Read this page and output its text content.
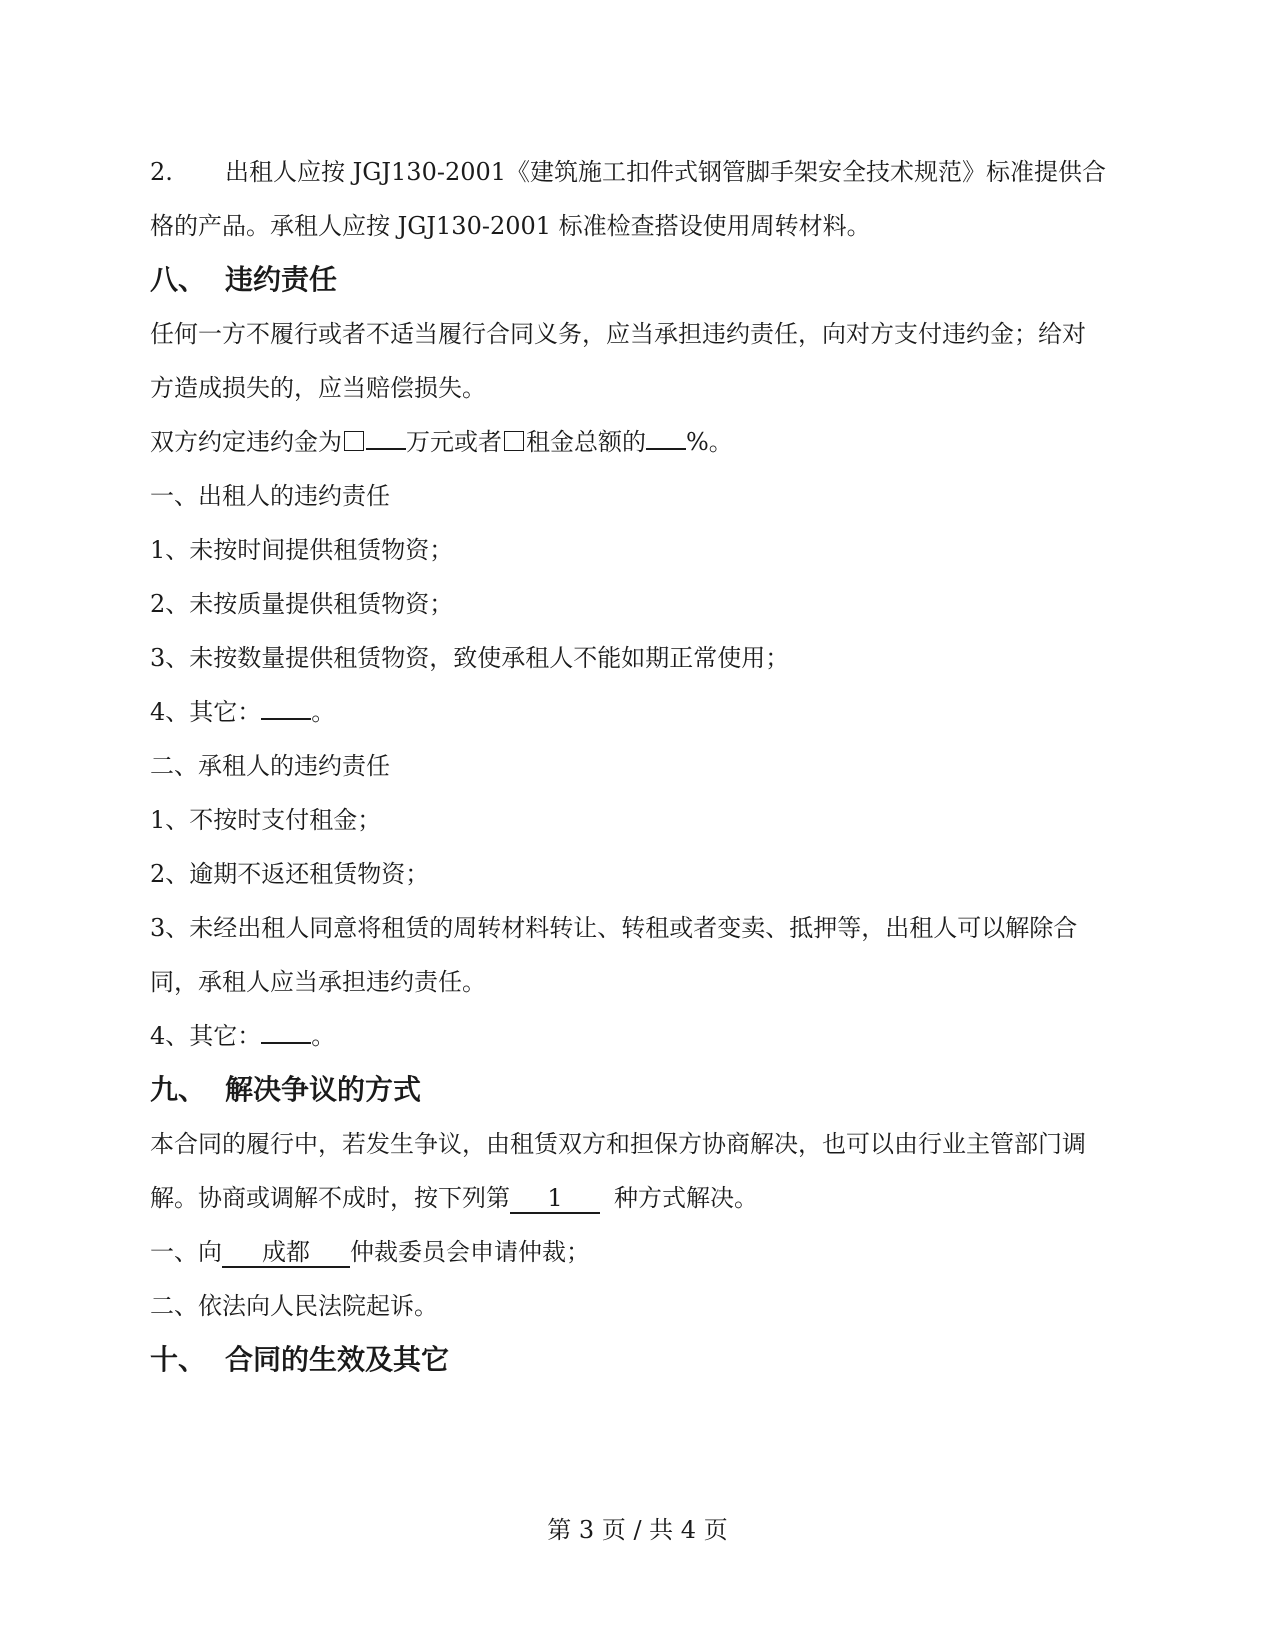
2. 出租人应按 JGJ130-2001《建筑施工扣件式钢管脚手架安全技术规范》标准提供合
格的产品。承租人应按 JGJ130-2001 标准检查搭设使用周转材料。
八、 违约责任
任何一方不履行或者不适当履行合同义务，应当承担违约责任，向对方支付违约金；给对
方造成损失的，应当赔偿损失。
双方约定违约金为	万元或者 租金总额的 %。
一、出租人的违约责任
1、未按时间提供租赁物资；
2、未按质量提供租赁物资；
3、未按数量提供租赁物资，致使承租人不能如期正常使用；
4、其它： 。
二、承租人的违约责任
1、不按时支付租金；
2、逾期不返还租赁物资；
3、未经出租人同意将租赁的周转材料转让、转租或者变卖、抵押等，出租人可以解除合
同，承租人应当承担违约责任。
4、其它： 。
九、 解决争议的方式
本合同的履行中，若发生争议，由租赁双方和担保方协商解决，也可以由行业主管部门调
解。协商或调解不成时，按下列第 1 种方式解决。
一、向 成都 仲裁委员会申请仲裁；
二、依法向人民法院起诉。
十、 合同的生效及其它
第 3 页 / 共 4 页
